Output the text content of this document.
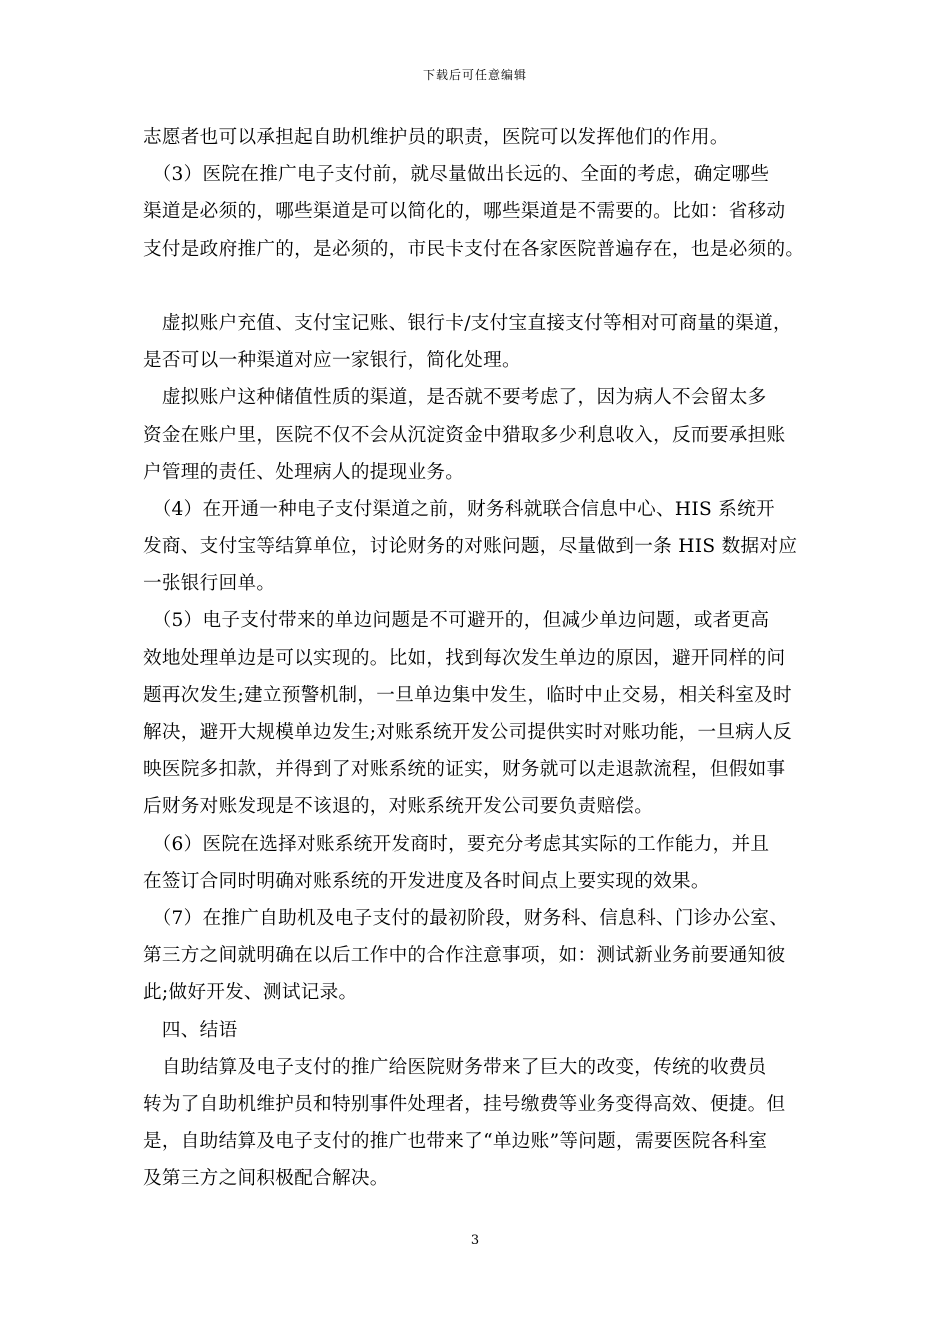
下载后可任意编辑
志愿者也可以承担起自助机维护员的职责，医院可以发挥他们的作用。
　（3）医院在推广电子支付前，就尽量做出长远的、全面的考虑，确定哪些
渠道是必须的，哪些渠道是可以简化的，哪些渠道是不需要的。比如：省移动
支付是政府推广的，是必须的，市民卡支付在各家医院普遍存在，也是必须的。
　虚拟账户充值、支付宝记账、银行卡/支付宝直接支付等相对可商量的渠道，
是否可以一种渠道对应一家银行，简化处理。
　虚拟账户这种储值性质的渠道，是否就不要考虑了，因为病人不会留太多
资金在账户里，医院不仅不会从沉淀资金中猎取多少利息收入，反而要承担账
户管理的责任、处理病人的提现业务。
　（4）在开通一种电子支付渠道之前，财务科就联合信息中心、HIS 系统开
发商、支付宝等结算单位，讨论财务的对账问题，尽量做到一条 HIS 数据对应
一张银行回单。
　（5）电子支付带来的单边问题是不可避开的，但减少单边问题，或者更高
效地处理单边是可以实现的。比如，找到每次发生单边的原因，避开同样的问
题再次发生;建立预警机制，一旦单边集中发生，临时中止交易，相关科室及时
解决，避开大规模单边发生;对账系统开发公司提供实时对账功能，一旦病人反
映医院多扣款，并得到了对账系统的证实，财务就可以走退款流程，但假如事
后财务对账发现是不该退的，对账系统开发公司要负责赔偿。
　（6）医院在选择对账系统开发商时，要充分考虑其实际的工作能力，并且
在签订合同时明确对账系统的开发进度及各时间点上要实现的效果。
　（7）在推广自助机及电子支付的最初阶段，财务科、信息科、门诊办公室、
第三方之间就明确在以后工作中的合作注意事项，如：测试新业务前要通知彼
此;做好开发、测试记录。
　四、结语
　自助结算及电子支付的推广给医院财务带来了巨大的改变，传统的收费员
转为了自助机维护员和特别事件处理者，挂号缴费等业务变得高效、便捷。但
是，自助结算及电子支付的推广也带来了“单边账”等问题，需要医院各科室
及第三方之间积极配合解决。
3
